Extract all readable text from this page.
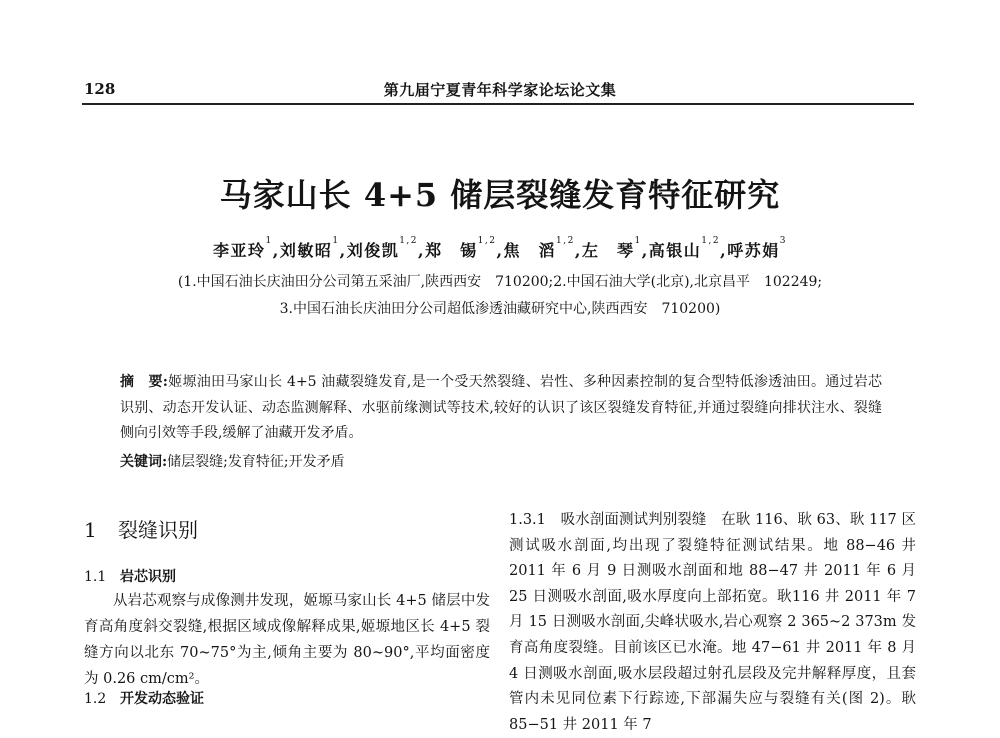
128	第九届宁夏青年科学家论坛论文集
马家山长 4+5 储层裂缝发育特征研究
李亚玲$^1$,刘敏昭$^1$,刘俊凯$^{1,2}$,郑　锡$^{1,2}$,焦　滔$^{1,2}$,左　琴$^1$,高银山$^{1,2}$,呼苏娟$^3$
(1.中国石油长庆油田分公司第五采油厂,陕西西安　710200;2.中国石油大学(北京),北京昌平　102249;
3.中国石油长庆油田分公司超低渗透油藏研究中心,陕西西安　710200)
摘　要:姬塬油田马家山长 4+5 油藏裂缝发育,是一个受天然裂缝、岩性、多种因素控制的复合型特低渗透油田。通过岩芯识别、动态开发认证、动态监测解释、水驱前缘测试等技术,较好的认识了该区裂缝发育特征,并通过裂缝向排状注水、裂缝侧向引效等手段,缓解了油藏开发矛盾。
关键词:储层裂缝;发育特征;开发矛盾
1 裂缝识别
1.1 岩芯识别
从岩芯观察与成像测井发现，姬塬马家山长 4+5 储层中发育高角度斜交裂缝,根据区域成像解释成果,姬塬地区长 4+5 裂缝方向以北东 70~75°为主,倾角主要为 80~90°,平均面密度为 0.26 cm/cm²。
1.2 开发动态验证
1.3.1　吸水剖面测试判别裂缝　在耿 116、耿 63、耿 117 区测试吸水剖面,均出现了裂缝特征测试结果。地 88−46 井 2011 年 6 月 9 日测吸水剖面和地 88−47 井 2011 年 6 月 25 日测吸水剖面,吸水厚度向上部拓宽。耿116 井 2011 年 7 月 15 日测吸水剖面,尖峰状吸水,岩心观察 2 365~2 373m 发育高角度裂缝。目前该区已水淹。地 47−61 井 2011 年 8 月 4 日测吸水剖面,吸水层段超过射孔层段及完井解释厚度，且套管内未见同位素下行踪迹,下部漏失应与裂缝有关(图 2)。耿 85−51 井 2011 年 7
